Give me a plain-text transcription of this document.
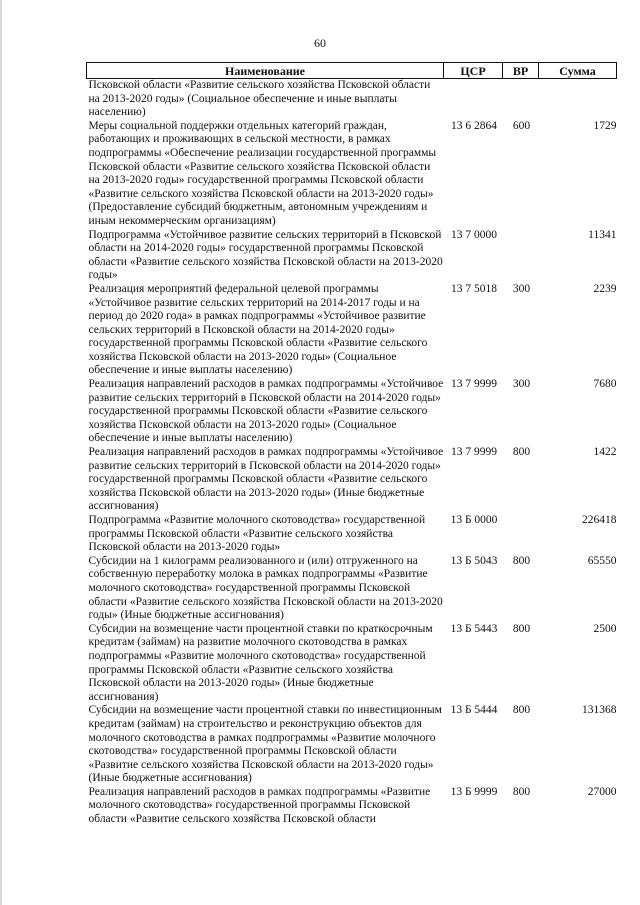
60
Наименование	ЦСР	ВР	Сумма
Псковской области «Развитие сельского хозяйства Псковской области на 2013-2020 годы» (Социальное обеспечение и иные выплаты населению)			
Меры социальной поддержки отдельных категорий граждан, работающих и проживающих в сельской местности, в рамках подпрограммы «Обеспечение реализации государственной программы Псковской области «Развитие сельского хозяйства Псковской области на 2013-2020 годы» государственной программы Псковской области «Развитие сельского хозяйства Псковской области на 2013-2020 годы» (Предоставление субсидий бюджетным, автономным учреждениям и иным некоммерческим организациям)	13 6 2864	600	1729
Подпрограмма «Устойчивое развитие сельских территорий в Псковской области на 2014-2020 годы» государственной программы Псковской области «Развитие сельского хозяйства Псковской области на 2013-2020 годы»	13 7 0000		11341
Реализация мероприятий федеральной целевой программы «Устойчивое развитие сельских территорий на 2014-2017 годы и на период до 2020 года» в рамках подпрограммы «Устойчивое развитие сельских территорий в Псковской области на 2014-2020 годы» государственной программы Псковской области «Развитие сельского хозяйства Псковской области на 2013-2020 годы» (Социальное обеспечение и иные выплаты населению)	13 7 5018	300	2239
Реализация направлений расходов в рамках подпрограммы «Устойчивое развитие сельских территорий в Псковской области на 2014-2020 годы» государственной программы Псковской области «Развитие сельского хозяйства Псковской области на 2013-2020 годы» (Социальное обеспечение и иные выплаты населению)	13 7 9999	300	7680
Реализация направлений расходов в рамках подпрограммы «Устойчивое развитие сельских территорий в Псковской области на 2014-2020 годы» государственной программы Псковской области «Развитие сельского хозяйства Псковской области на 2013-2020 годы» (Иные бюджетные ассигнования)	13 7 9999	800	1422
Подпрограмма «Развитие молочного скотоводства» государственной программы Псковской области «Развитие сельского хозяйства Псковской области на 2013-2020 годы»	13 Б 0000		226418
Субсидии на 1 килограмм реализованного и (или) отгруженного на собственную переработку молока в рамках подпрограммы «Развитие молочного скотоводства» государственной программы Псковской области «Развитие сельского хозяйства Псковской области на 2013-2020 годы» (Иные бюджетные ассигнования)	13 Б 5043	800	65550
Субсидии на возмещение части процентной ставки по краткосрочным кредитам (займам) на развитие молочного скотоводства в рамках подпрограммы «Развитие молочного скотоводства» государственной программы Псковской области «Развитие сельского хозяйства Псковской области на 2013-2020 годы» (Иные бюджетные ассигнования)	13 Б 5443	800	2500
Субсидии на возмещение части процентной ставки по инвестиционным кредитам (займам) на строительство и реконструкцию объектов для молочного скотоводства в рамках подпрограммы «Развитие молочного скотоводства» государственной программы Псковской области «Развитие сельского хозяйства Псковской области на 2013-2020 годы» (Иные бюджетные ассигнования)	13 Б 5444	800	131368
Реализация направлений расходов в рамках подпрограммы «Развитие молочного скотоводства» государственной программы Псковской области «Развитие сельского хозяйства Псковской области	13 Б 9999	800	27000
